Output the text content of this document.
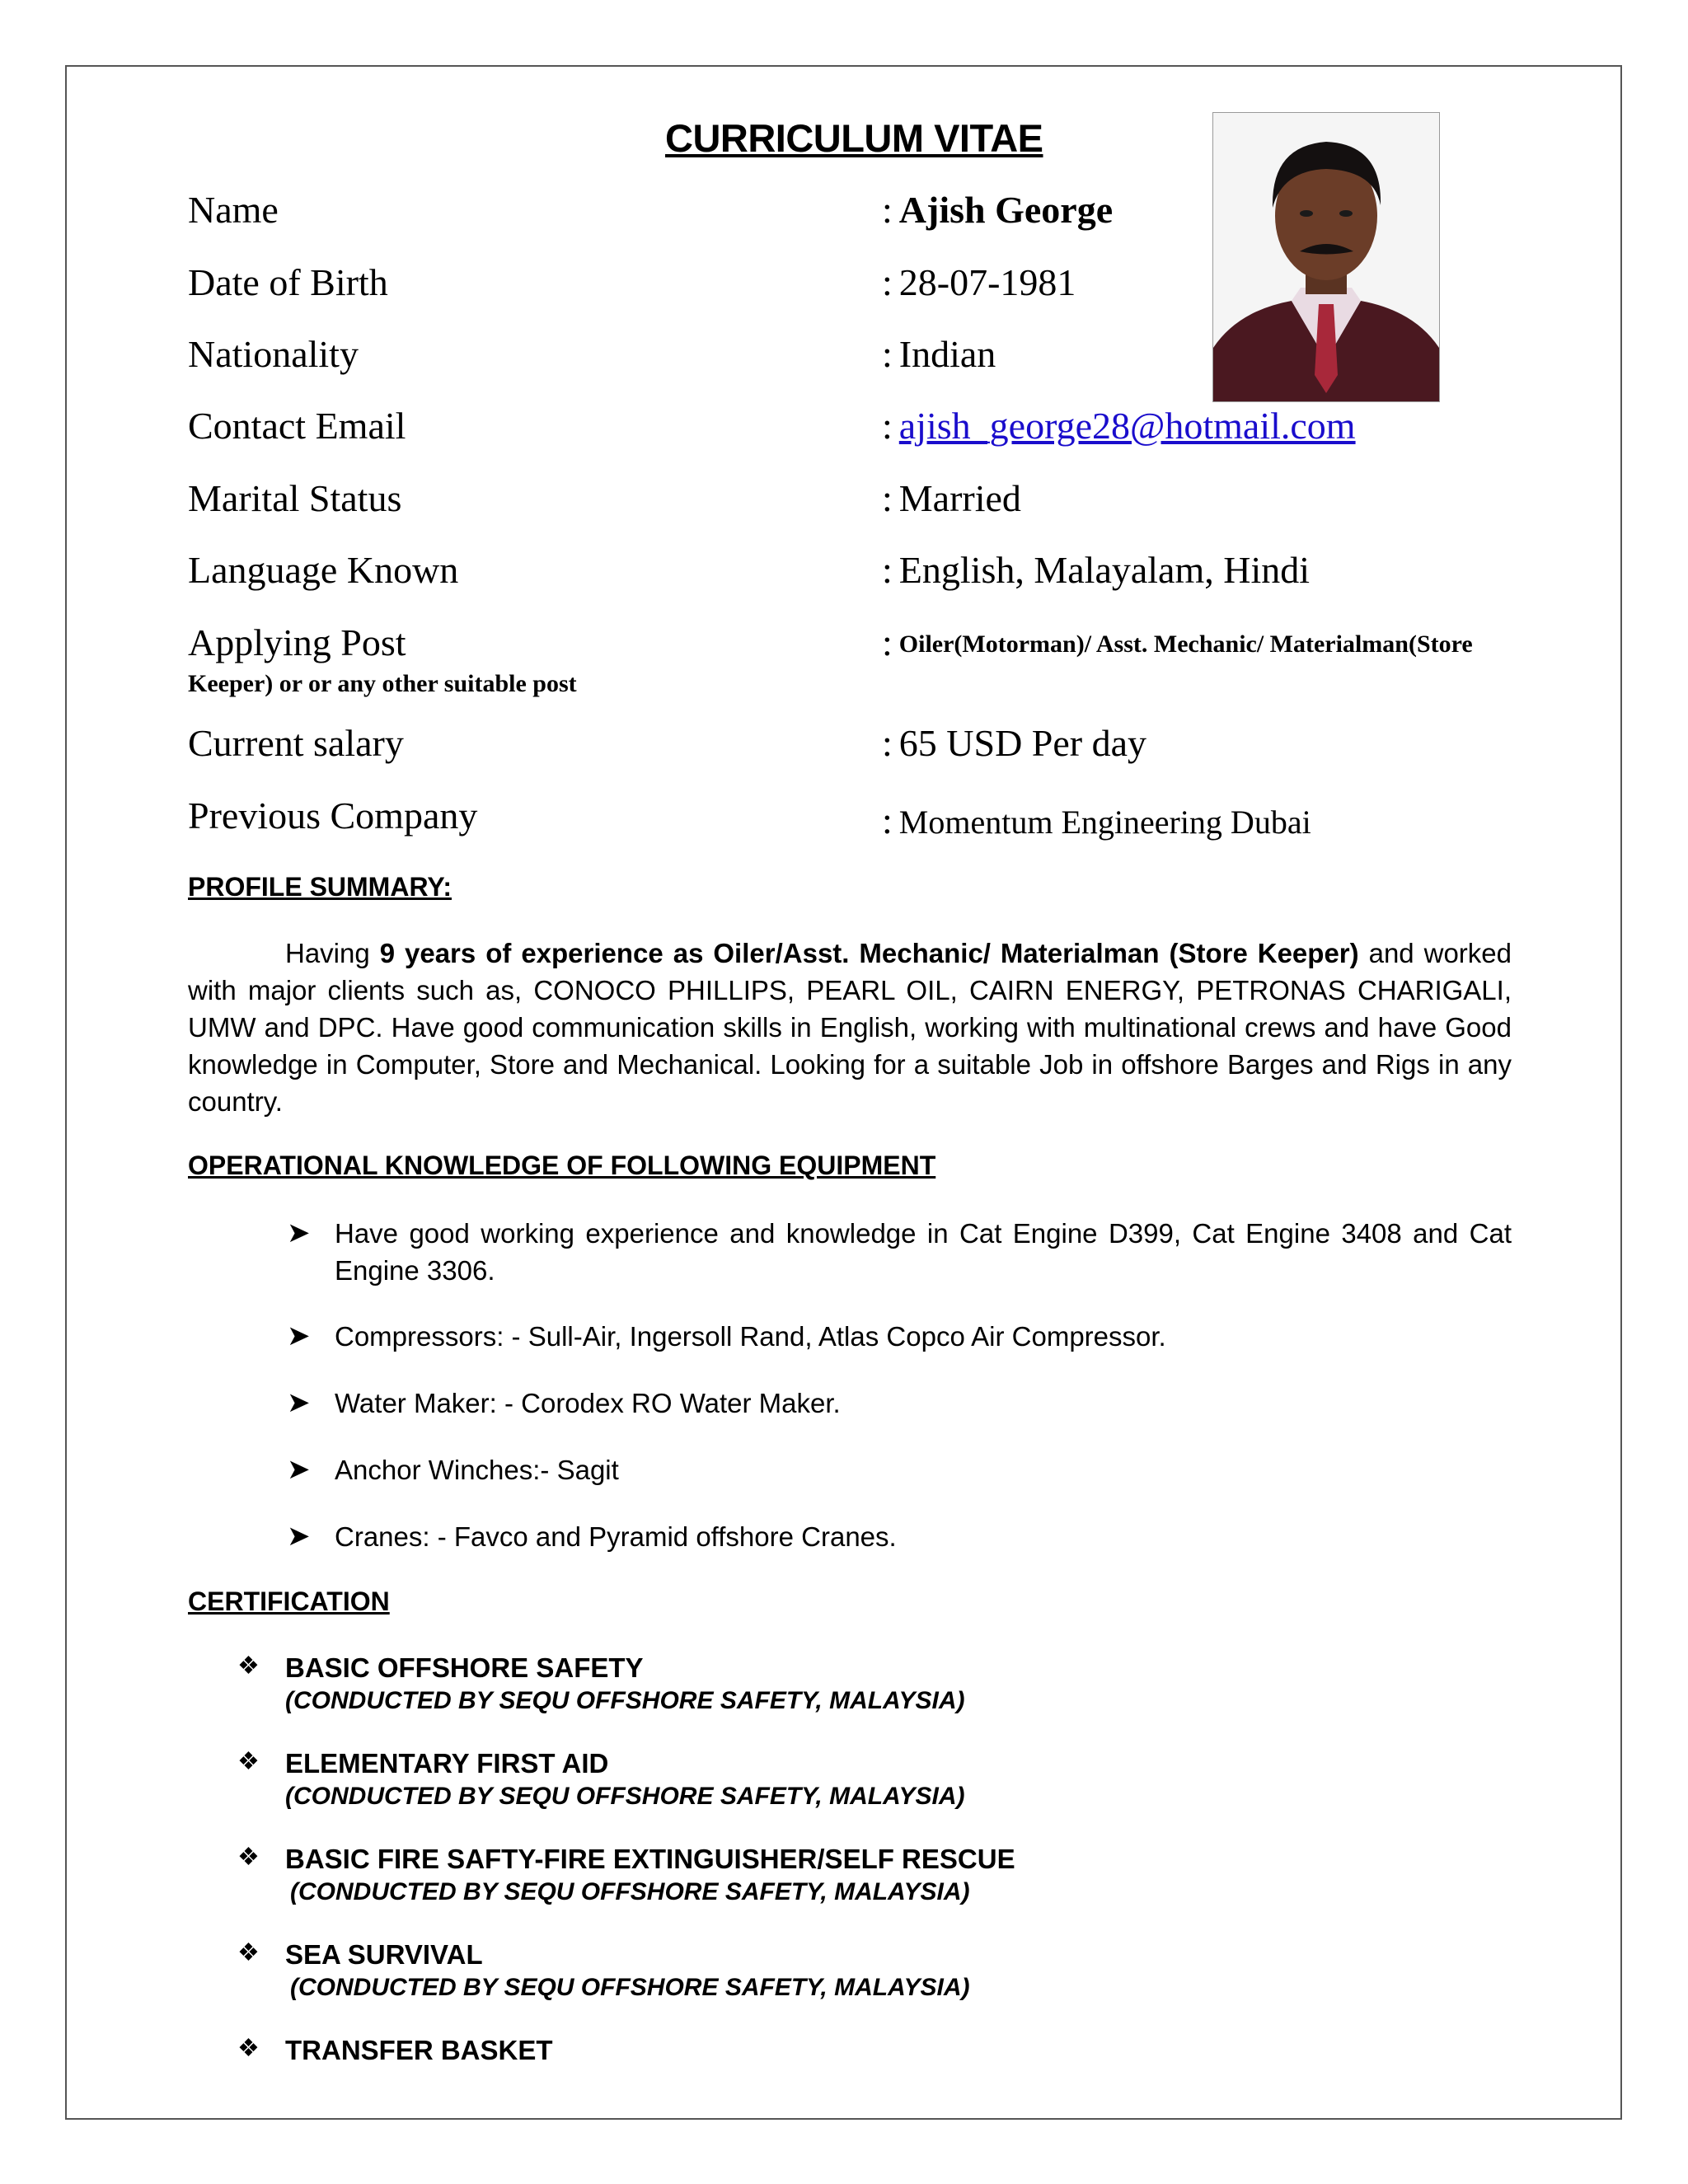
CURRICULUM VITAE
Name	: Ajish George
Date of Birth	: 28-07-1981
Nationality	: Indian
Contact Email	: ajish_george28@hotmail.com
Marital Status	: Married
Language Known	: English, Malayalam, Hindi
Applying Post	: Oiler(Motorman)/ Asst. Mechanic/ Materialman(Store
Keeper) or or any other suitable post
Current salary	: 65 USD Per day
Previous Company	: Momentum Engineering Dubai
PROFILE SUMMARY:

Having 9 years of experience as Oiler/Asst. Mechanic/ Materialman (Store Keeper) and worked with major clients such as, CONOCO PHILLIPS, PEARL OIL, CAIRN ENERGY, PETRONAS CHARIGALI, UMW and DPC. Have good communication skills in English, working with multinational crews and have Good knowledge in Computer, Store and Mechanical. Looking for a suitable Job in offshore Barges and Rigs in any country.

OPERATIONAL KNOWLEDGE OF FOLLOWING EQUIPMENT
➤ Have good working experience and knowledge in Cat Engine D399, Cat Engine 3408 and Cat Engine 3306.
➤ Compressors: - Sull-Air, Ingersoll Rand, Atlas Copco Air Compressor.
➤ Water Maker: - Corodex RO Water Maker.
➤ Anchor Winches:- Sagit
➤ Cranes: - Favco and Pyramid offshore Cranes.
CERTIFICATION
❖ BASIC OFFSHORE SAFETY
(CONDUCTED BY SEQU OFFSHORE SAFETY, MALAYSIA)
❖ ELEMENTARY FIRST AID
(CONDUCTED BY SEQU OFFSHORE SAFETY, MALAYSIA)
❖ BASIC FIRE SAFTY-FIRE EXTINGUISHER/SELF RESCUE
(CONDUCTED BY SEQU OFFSHORE SAFETY, MALAYSIA)
❖ SEA SURVIVAL
(CONDUCTED BY SEQU OFFSHORE SAFETY, MALAYSIA)
❖ TRANSFER BASKET
